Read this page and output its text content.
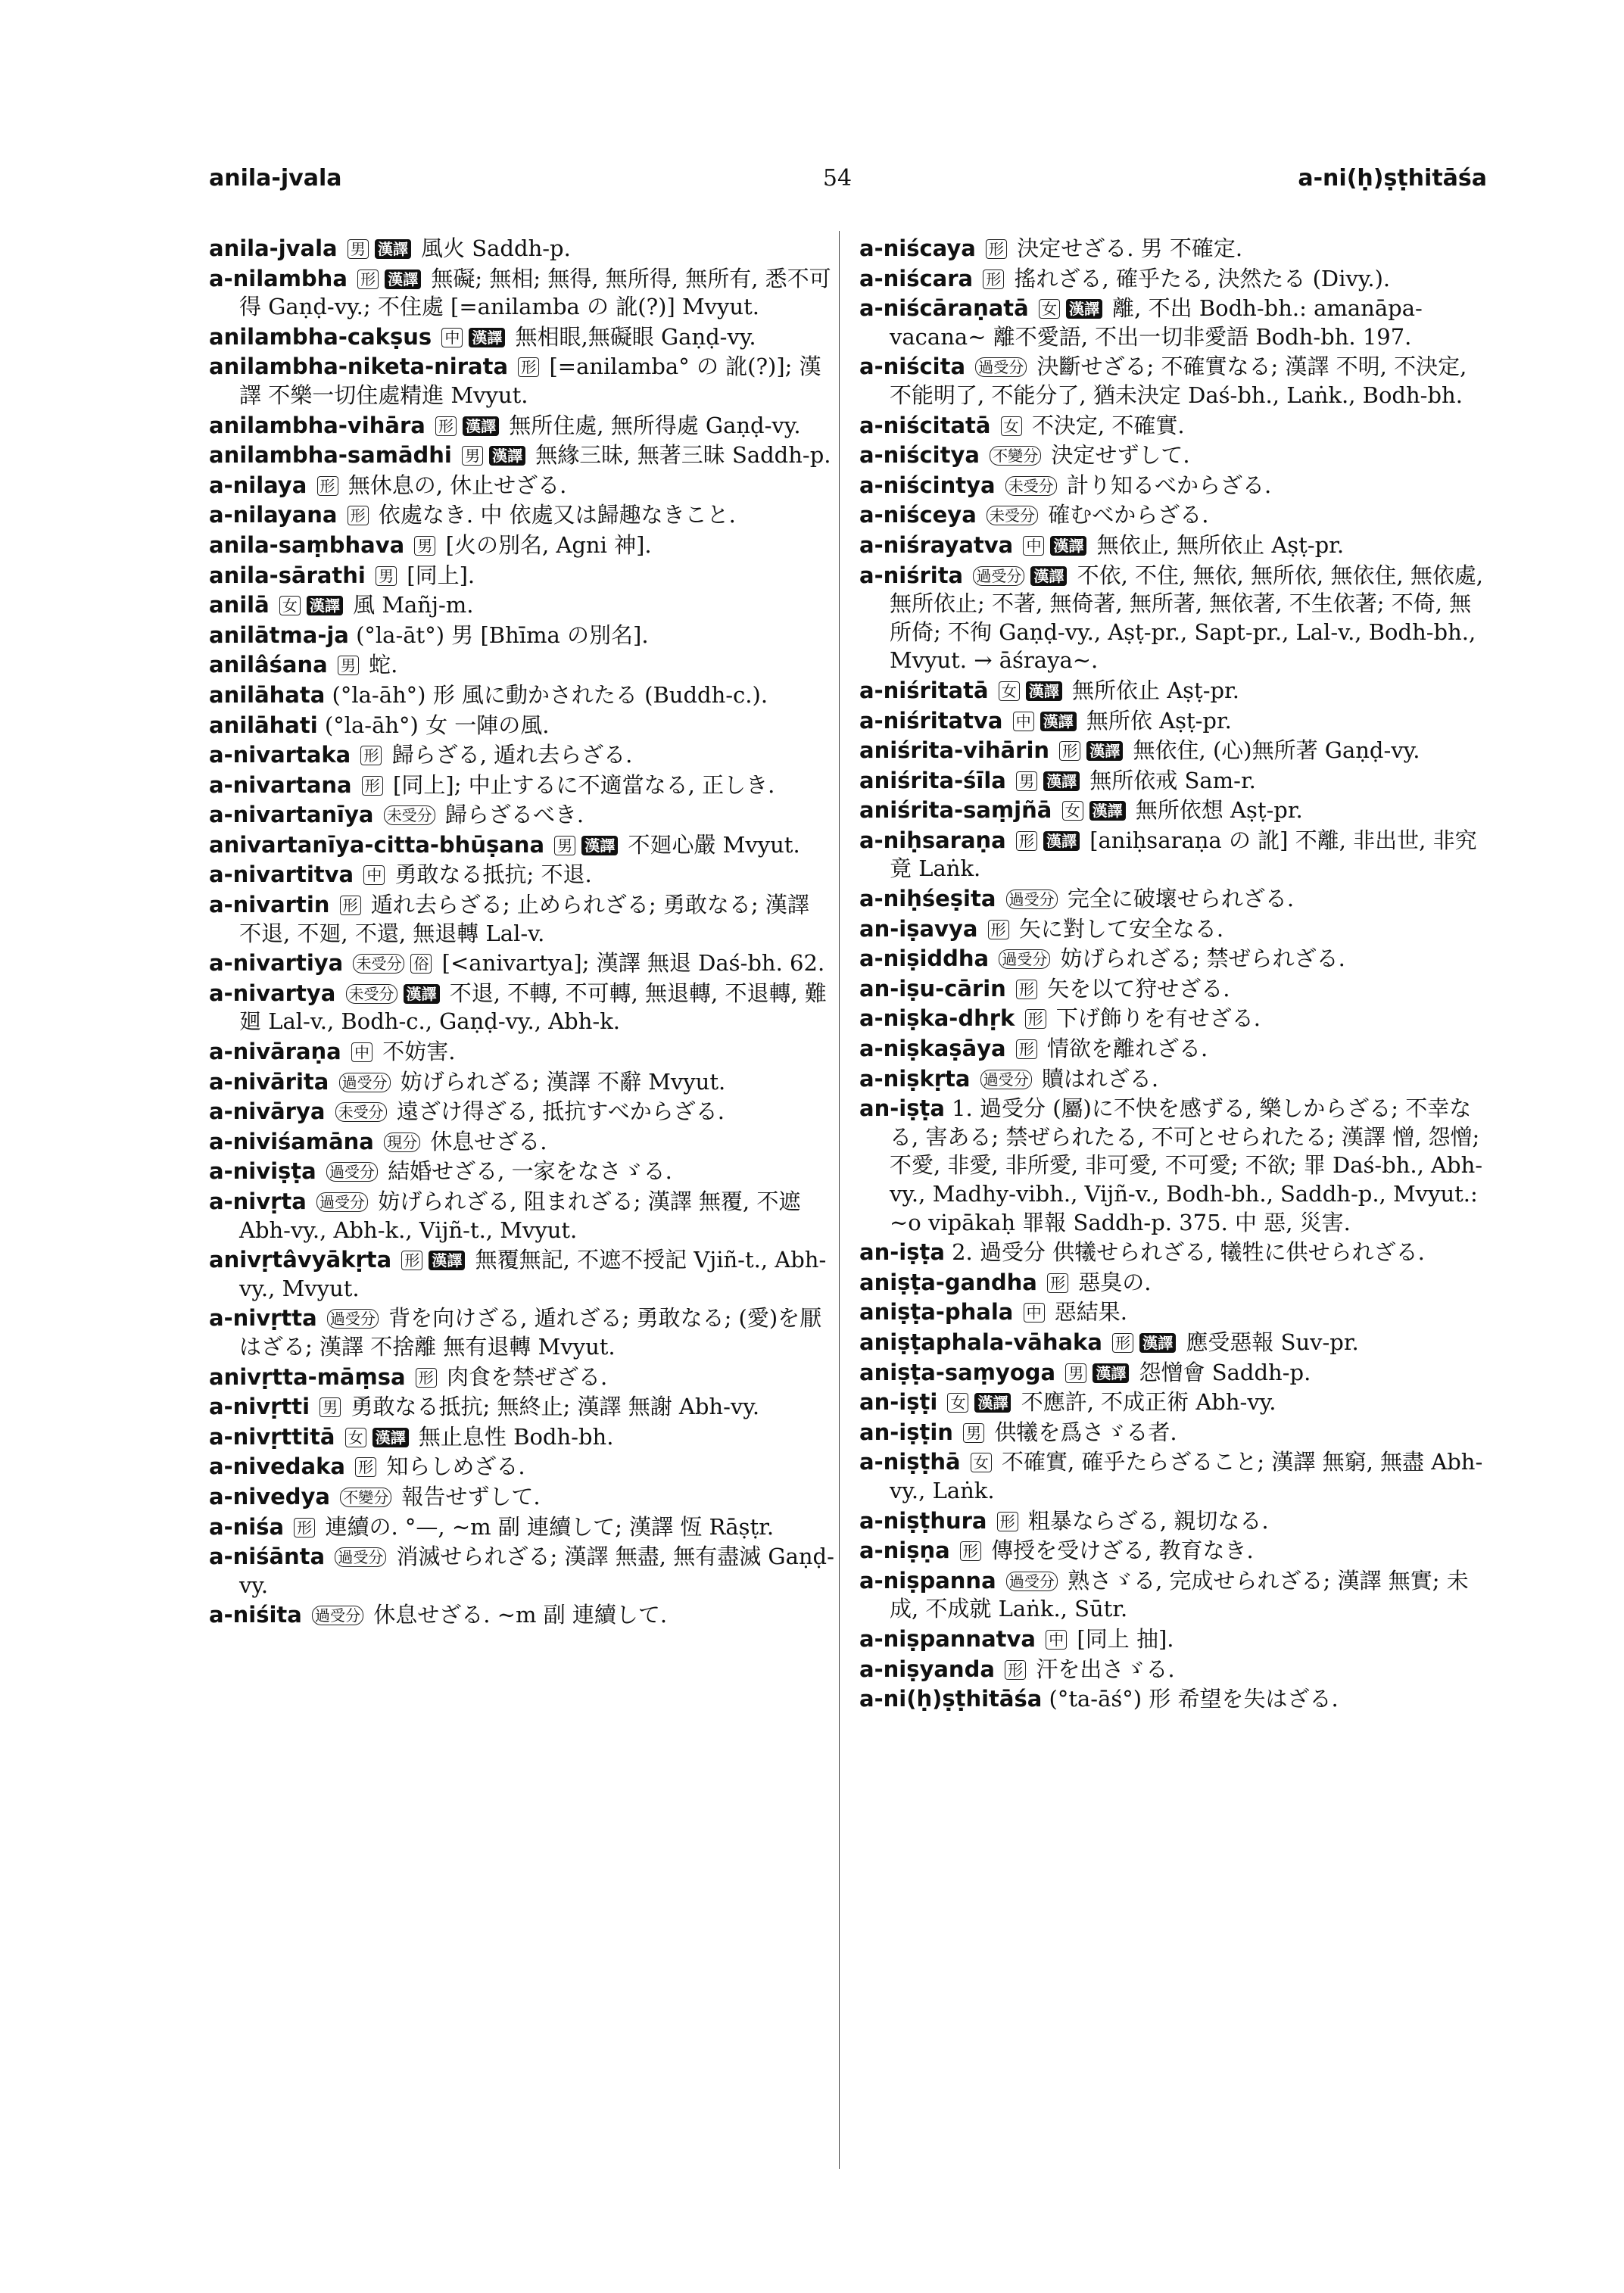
anila-jvala	54	a-ni(ḥ)ṣṭhitāśa
anila-jvala 男 漢譯 風火 Saddh-p.
a-nilambha 形 漢譯 無礙; 無相; 無得, 無所得, 無所有, 悉不可得 Gaṇḍ-vy.; 不住處 [=anilamba の 訛(?)] Mvyut.
anilambha-cakṣus 中 漢譯 無相眼,無礙眼 Gaṇḍ-vy.
anilambha-niketa-nirata 形 [=anilamba° の 訛(?)]; 漢譯 不樂一切住處精進 Mvyut.
anilambha-vihāra 形 漢譯 無所住處, 無所得處 Gaṇḍ-vy.
anilambha-samādhi 男 漢譯 無緣三昧, 無著三昧 Saddh-p.
a-nilaya 形 無休息の, 休止せざる.
a-nilayana 形 依處なき. 中 依處又は歸趣なきこと.
anila-saṃbhava 男 [火の別名, Agni 神].
anila-sārathi 男 [同上].
anilā 女 漢譯 風 Mañj-m.
anilātma-ja (°la-āt°) 男 [Bhīma の別名].
anilâśana 男 蛇.
anilāhata (°la-āh°) 形 風に動かされたる (Buddh-c.).
anilāhati (°la-āh°) 女 一陣の風.
a-nivartaka 形 歸らざる, 遁れ去らざる.
a-nivartana 形 [同上]; 中止するに不適當なる, 正しき.
a-nivartanīya 未受分 歸らざるべき.
anivartanīya-citta-bhūṣana 男 漢譯 不廻心嚴 Mvyut.
a-nivartitva 中 勇敢なる抵抗; 不退.
a-nivartin 形 遁れ去らざる; 止められざる; 勇敢なる; 漢譯 不退, 不廻, 不還, 無退轉 Lal-v.
a-nivartiya 未受分 俗 [<anivartya]; 漢譯 無退 Daś-bh. 62.
a-nivartya 未受分 漢譯 不退, 不轉, 不可轉, 無退轉, 不退轉, 難廻 Lal-v., Bodh-c., Gaṇḍ-vy., Abh-k.
a-nivāraṇa 中 不妨害.
a-nivārita 過受分 妨げられざる; 漢譯 不辭 Mvyut.
a-nivārya 未受分 遠ざけ得ざる, 抵抗すべからざる.
a-niviśamāna 現分 休息せざる.
a-niviṣṭa 過受分 結婚せざる, 一家をなさゞる.
a-nivṛta 過受分 妨げられざる, 阻まれざる; 漢譯 無覆, 不遮 Abh-vy., Abh-k., Vijñ-t., Mvyut.
anivṛtâvyākṛta 形 漢譯 無覆無記, 不遮不授記 Vjiñ-t., Abh-vy., Mvyut.
a-nivṛtta 過受分 背を向けざる, 遁れざる; 勇敢なる; (愛)を厭はざる; 漢譯 不捨離 無有退轉 Mvyut.
anivṛtta-māṃsa 形 肉食を禁ぜざる.
a-nivṛtti 男 勇敢なる抵抗; 無終止; 漢譯 無謝 Abh-vy.
a-nivṛttitā 女 漢譯 無止息性 Bodh-bh.
a-nivedaka 形 知らしめざる.
a-nivedya 不變分 報告せずして.
a-niśa 形 連續の. °—, ∼m 副 連續して; 漢譯 恆 Rāṣṭr.
a-niśānta 過受分 消滅せられざる; 漢譯 無盡, 無有盡滅 Gaṇḍ-vy.
a-niśita 過受分 休息せざる. ∼m 副 連續して.
a-niścaya 形 決定せざる. 男 不確定.
a-niścara 形 搖れざる, 確乎たる, 決然たる (Divy.).
a-niścāraṇatā 女 漢譯 離, 不出 Bodh-bh.: amanāpa-vacana∼ 離不愛語, 不出一切非愛語 Bodh-bh. 197.
a-niścita 過受分 決斷せざる; 不確實なる; 漢譯 不明, 不決定, 不能明了, 不能分了, 猶未決定 Daś-bh., Laṅk., Bodh-bh.
a-niścitatā 女 不決定, 不確實.
a-niścitya 不變分 決定せずして.
a-niścintya 未受分 計り知るべからざる.
a-niśceya 未受分 確むべからざる.
a-niśrayatva 中 漢譯 無依止, 無所依止 Aṣṭ-pr.
a-niśrita 過受分 漢譯 不依, 不住, 無依, 無所依, 無依住, 無依處, 無所依止; 不著, 無倚著, 無所著, 無依著, 不生依著; 不倚, 無所倚; 不徇 Gaṇḍ-vy., Aṣṭ-pr., Sapt-pr., Lal-v., Bodh-bh., Mvyut. → āśraya∼.
a-niśritatā 女 漢譯 無所依止 Aṣṭ-pr.
a-niśritatva 中 漢譯 無所依 Aṣṭ-pr.
aniśrita-vihārin 形 漢譯 無依住, (心)無所著 Gaṇḍ-vy.
aniśrita-śīla 男 漢譯 無所依戒 Sam-r.
aniśrita-saṃjñā 女 漢譯 無所依想 Aṣṭ-pr.
a-niḥsaraṇa 形 漢譯 [aniḥsaraṇa の 訛] 不離, 非出世, 非究竟 Laṅk.
a-niḥśeṣita 過受分 完全に破壞せられざる.
an-iṣavya 形 矢に對して安全なる.
a-niṣiddha 過受分 妨げられざる; 禁ぜられざる.
an-iṣu-cārin 形 矢を以て狩せざる.
a-niṣka-dhṛk 形 下げ飾りを有せざる.
a-niṣkaṣāya 形 情欲を離れざる.
a-niṣkṛta 過受分 贖はれざる.
an-iṣṭa 1. 過受分 (屬)に不快を感ずる, 樂しからざる; 不幸なる, 害ある; 禁ぜられたる, 不可とせられたる; 漢譯 憎, 怨憎; 不愛, 非愛, 非所愛, 非可愛, 不可愛; 不欲; 罪 Daś-bh., Abh-vy., Madhy-vibh., Vijñ-v., Bodh-bh., Saddh-p., Mvyut.: ∼o vipākaḥ 罪報 Saddh-p. 375. 中 惡, 災害.
an-iṣṭa 2. 過受分 供犧せられざる, 犧牲に供せられざる.
aniṣṭa-gandha 形 惡臭の.
aniṣṭa-phala 中 惡結果.
aniṣṭaphala-vāhaka 形 漢譯 應受惡報 Suv-pr.
aniṣṭa-saṃyoga 男 漢譯 怨憎會 Saddh-p.
an-iṣṭi 女 漢譯 不應許, 不成正術 Abh-vy.
an-iṣṭin 男 供犧を爲さゞる者.
a-niṣṭhā 女 不確實, 確乎たらざること; 漢譯 無窮, 無盡 Abh-vy., Laṅk.
a-niṣṭhura 形 粗暴ならざる, 親切なる.
a-niṣṇa 形 傳授を受けざる, 教育なき.
a-niṣpanna 過受分 熟さゞる, 完成せられざる; 漢譯 無實; 未成, 不成就 Laṅk., Sūtr.
a-niṣpannatva 中 [同上 抽].
a-niṣyanda 形 汗を出さゞる.
a-ni(ḥ)ṣṭhitāśa (°ta-āś°) 形 希望を失はざる.
